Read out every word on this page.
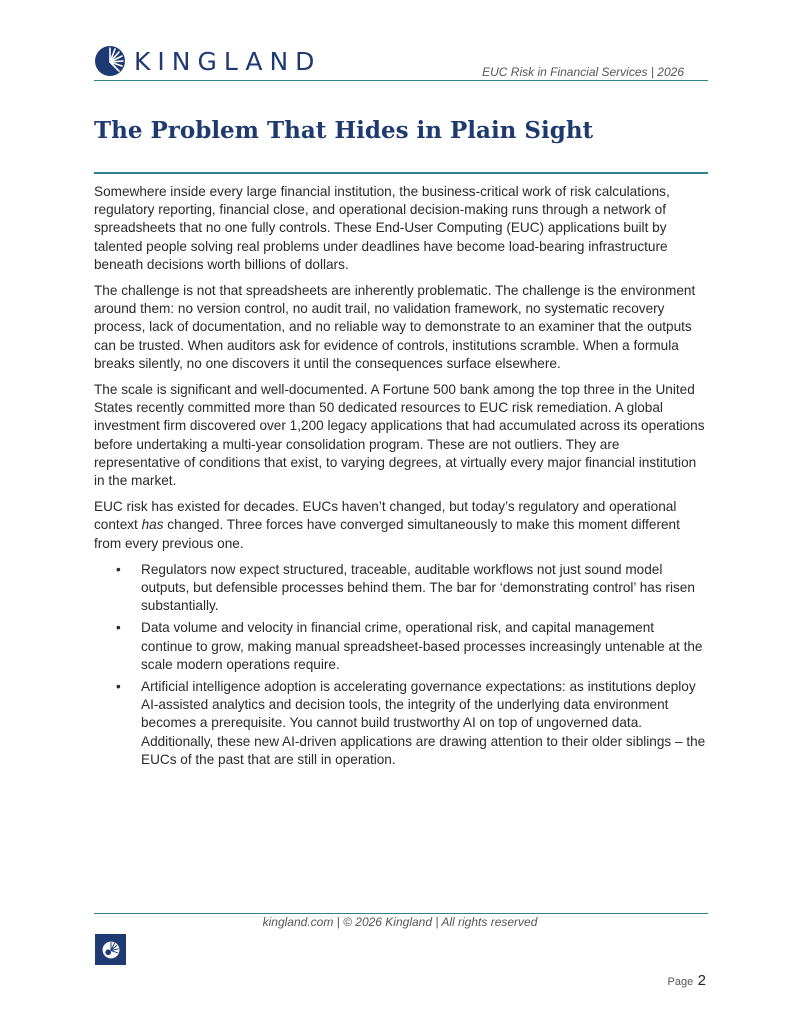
KINGLAND	EUC Risk in Financial Services | 2026
The Problem That Hides in Plain Sight

Somewhere inside every large financial institution, the business-critical work of risk calculations, regulatory reporting, financial close, and operational decision-making runs through a network of spreadsheets that no one fully controls. These End-User Computing (EUC) applications built by talented people solving real problems under deadlines have become load-bearing infrastructure beneath decisions worth billions of dollars.

The challenge is not that spreadsheets are inherently problematic. The challenge is the environment around them: no version control, no audit trail, no validation framework, no systematic recovery process, lack of documentation, and no reliable way to demonstrate to an examiner that the outputs can be trusted. When auditors ask for evidence of controls, institutions scramble. When a formula breaks silently, no one discovers it until the consequences surface elsewhere.

The scale is significant and well-documented. A Fortune 500 bank among the top three in the United States recently committed more than 50 dedicated resources to EUC risk remediation. A global investment firm discovered over 1,200 legacy applications that had accumulated across its operations before undertaking a multi-year consolidation program. These are not outliers. They are representative of conditions that exist, to varying degrees, at virtually every major financial institution in the market.

EUC risk has existed for decades. EUCs haven’t changed, but today’s regulatory and operational context has changed. Three forces have converged simultaneously to make this moment different from every previous one.

• Regulators now expect structured, traceable, auditable workflows not just sound model outputs, but defensible processes behind them. The bar for ‘demonstrating control’ has risen substantially.
• Data volume and velocity in financial crime, operational risk, and capital management continue to grow, making manual spreadsheet-based processes increasingly untenable at the scale modern operations require.
• Artificial intelligence adoption is accelerating governance expectations: as institutions deploy AI-assisted analytics and decision tools, the integrity of the underlying data environment becomes a prerequisite. You cannot build trustworthy AI on top of ungoverned data. Additionally, these new AI-driven applications are drawing attention to their older siblings – the EUCs of the past that are still in operation.
kingland.com | © 2026 Kingland | All rights reserved
Page 2
